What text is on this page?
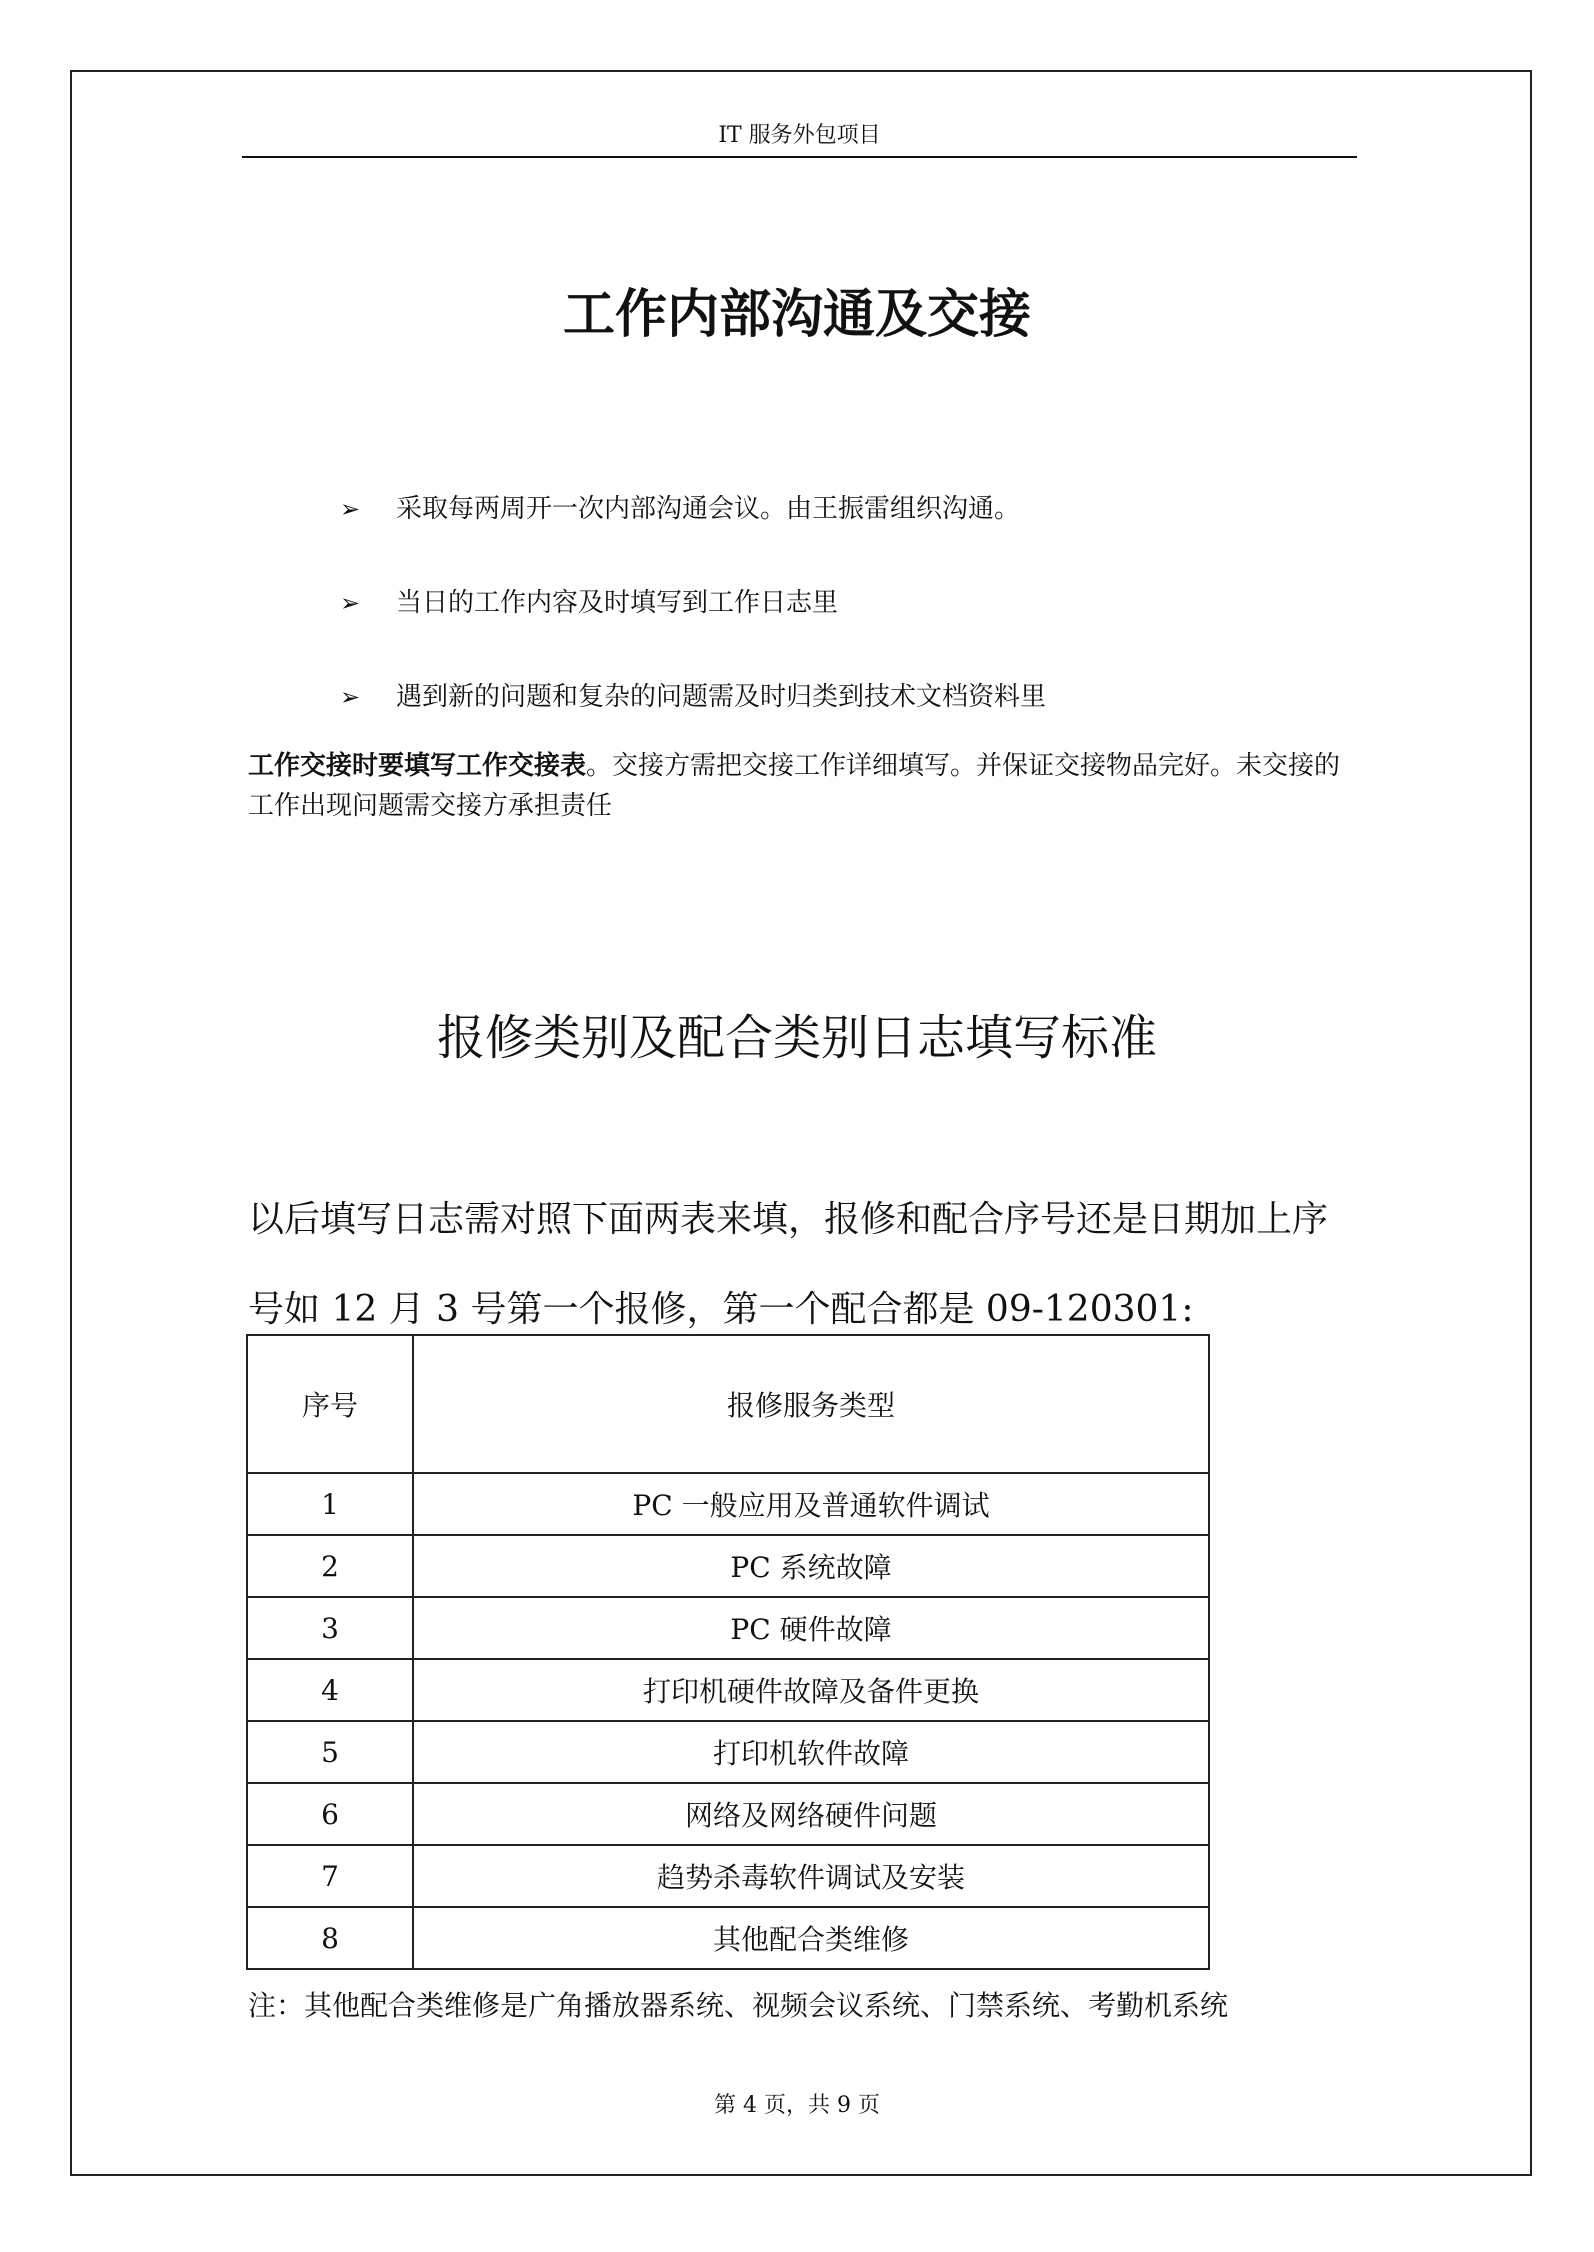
IT 服务外包项目
工作内部沟通及交接
➢ 采取每两周开一次内部沟通会议。由王振雷组织沟通。
➢ 当日的工作内容及时填写到工作日志里
➢ 遇到新的问题和复杂的问题需及时归类到技术文档资料里
工作交接时要填写工作交接表。交接方需把交接工作详细填写。并保证交接物品完好。未交接的工作出现问题需交接方承担责任
报修类别及配合类别日志填写标准

以后填写日志需对照下面两表来填，报修和配合序号还是日期加上序号如 12 月 3 号第一个报修，第一个配合都是 09-120301:

序号	报修服务类型
1	PC 一般应用及普通软件调试
2	PC 系统故障
3	PC 硬件故障
4	打印机硬件故障及备件更换
5	打印机软件故障
6	网络及网络硬件问题
7	趋势杀毒软件调试及安装
8	其他配合类维修
注：其他配合类维修是广角播放器系统、视频会议系统、门禁系统、考勤机系统
第 4 页，共 9 页
